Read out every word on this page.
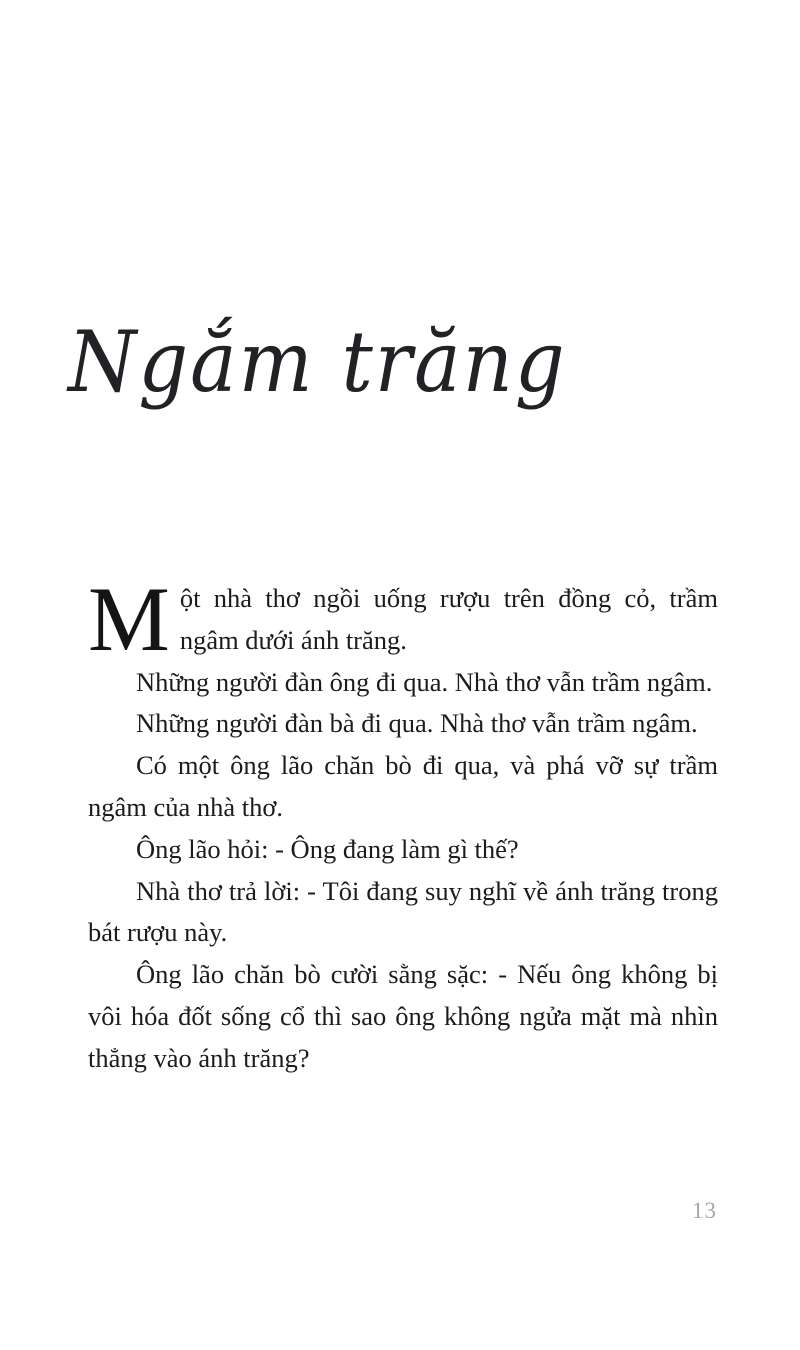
Ngắm trăng

Một nhà thơ ngồi uống rượu trên đồng cỏ, trầm ngâm dưới ánh trăng.

Những người đàn ông đi qua. Nhà thơ vẫn trầm ngâm.

Những người đàn bà đi qua. Nhà thơ vẫn trầm ngâm.

Có một ông lão chăn bò đi qua, và phá vỡ sự trầm ngâm của nhà thơ.

Ông lão hỏi: - Ông đang làm gì thế?

Nhà thơ trả lời: - Tôi đang suy nghĩ về ánh trăng trong bát rượu này.

Ông lão chăn bò cười sằng sặc: - Nếu ông không bị vôi hóa đốt sống cổ thì sao ông không ngửa mặt mà nhìn thẳng vào ánh trăng?

13
